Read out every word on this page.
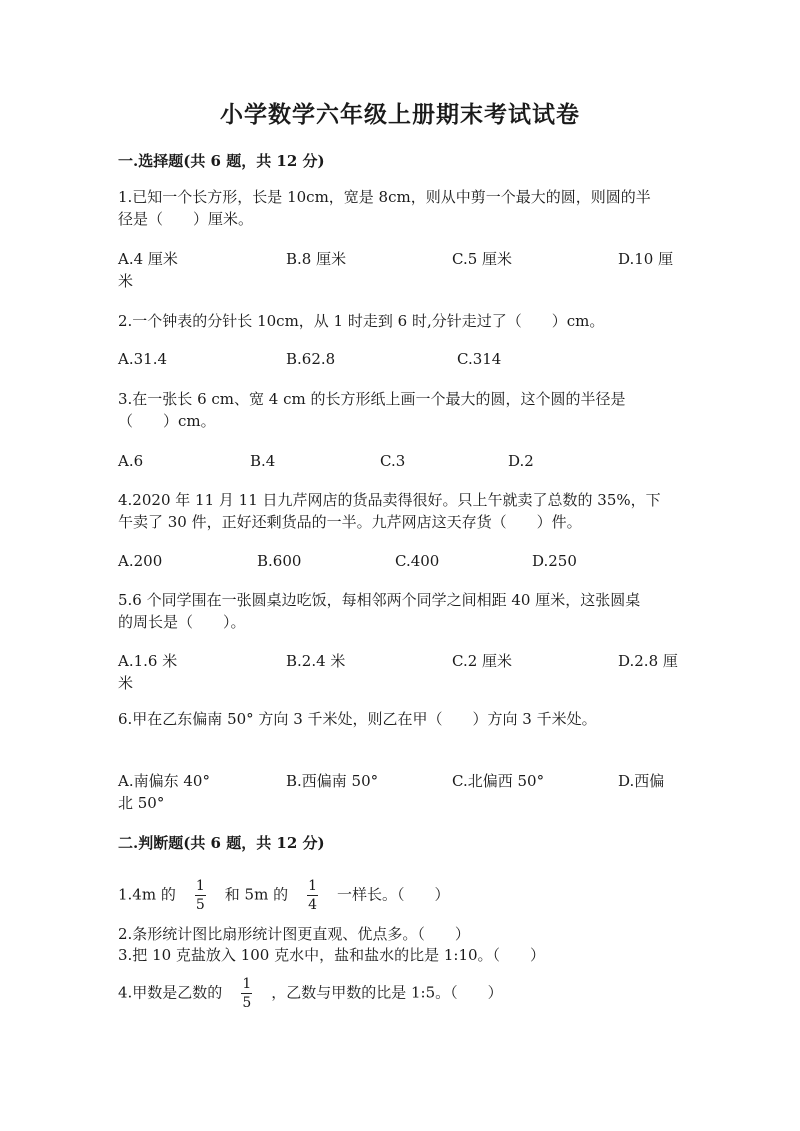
小学数学六年级上册期末考试试卷
一.选择题(共 6 题，共 12 分)
1.已知一个长方形，长是 10cm，宽是 8cm，则从中剪一个最大的圆，则圆的半
径是（　　）厘米。
A.4 厘米	B.8 厘米	C.5 厘米	D.10 厘
米
2.一个钟表的分针长 10cm，从 1 时走到 6 时,分针走过了（　　）cm。
A.31.4	B.62.8	C.314
3.在一张长 6 cm、宽 4 cm 的长方形纸上画一个最大的圆，这个圆的半径是
（　　）cm。
A.6	B.4	C.3	D.2
4.2020 年 11 月 11 日九芹网店的货品卖得很好。只上午就卖了总数的 35%，下
午卖了 30 件，正好还剩货品的一半。九芹网店这天存货（　　）件。
A.200	B.600	C.400	D.250
5.6 个同学围在一张圆桌边吃饭，每相邻两个同学之间相距 40 厘米，这张圆桌
的周长是（　　）。
A.1.6 米	B.2.4 米	C.2 厘米	D.2.8 厘
米
6.甲在乙东偏南 50° 方向 3 千米处，则乙在甲（　　）方向 3 千米处。
A.南偏东 40°	B.西偏南 50°	C.北偏西 50°	D.西偏
北 50°
二.判断题(共 6 题，共 12 分)
1.4m 的 $\frac{1}{5}$ 和 5m 的 $\frac{1}{4}$ 一样长。（　　）
2.条形统计图比扇形统计图更直观、优点多。（　　）
3.把 10 克盐放入 100 克水中，盐和盐水的比是 1:10。（　　）
4.甲数是乙数的 $\frac{1}{5}$ ，乙数与甲数的比是 1:5。（　　）
